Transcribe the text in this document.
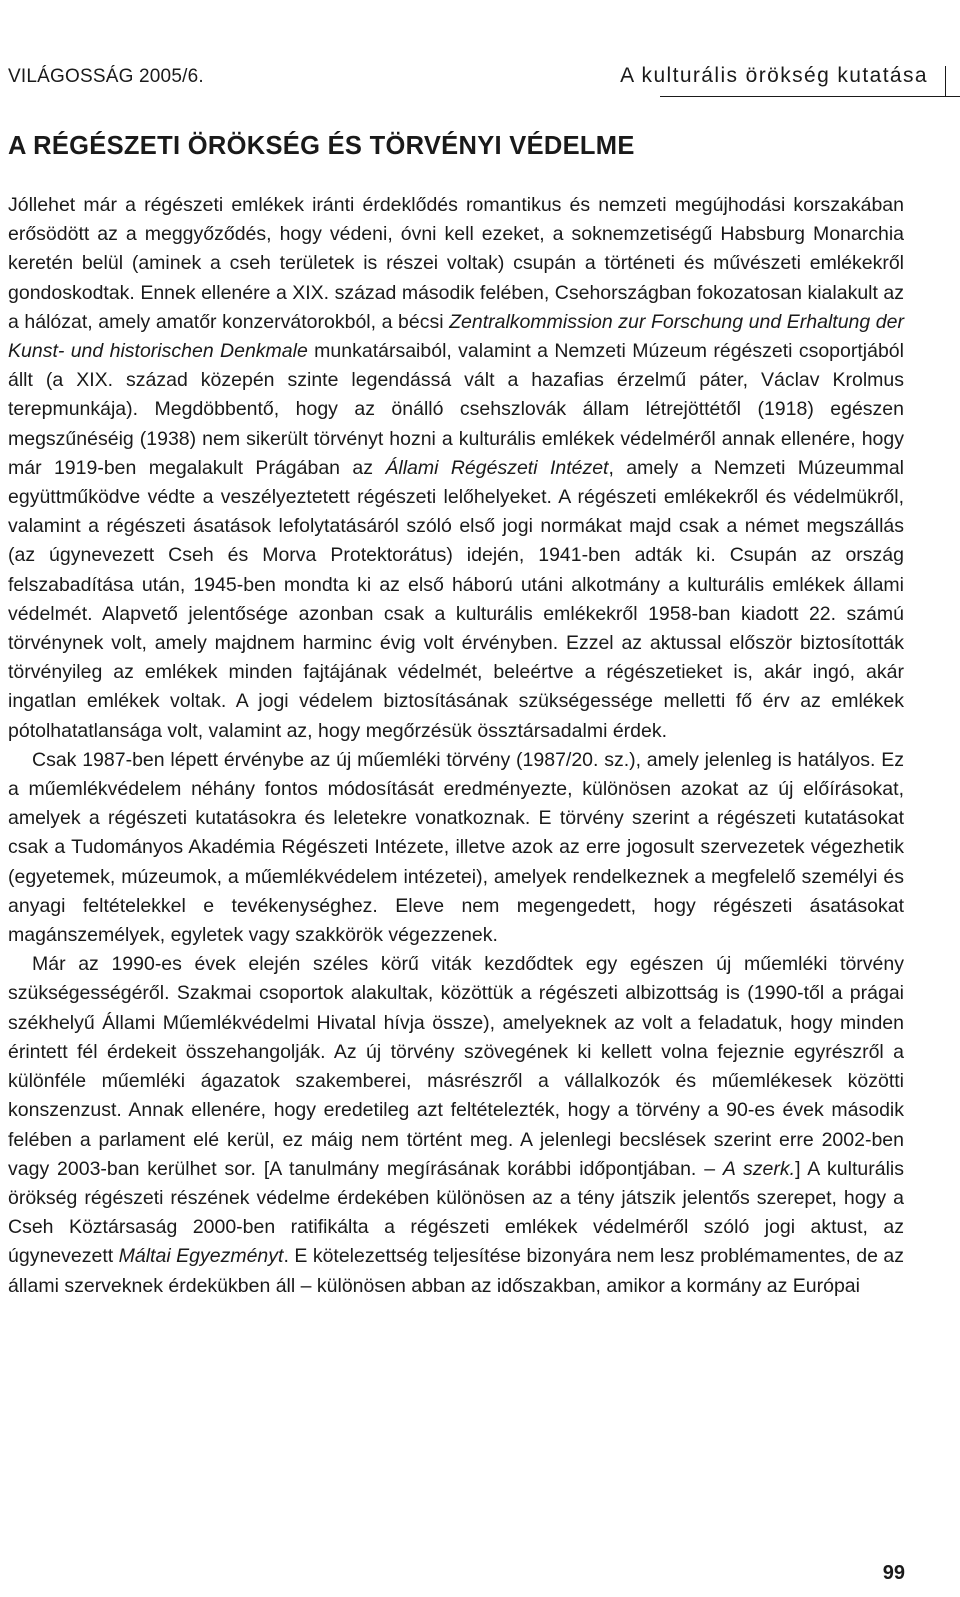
VILÁGOSSÁG 2005/6.	A kulturális örökség kutatása
A RÉGÉSZETI ÖRÖKSÉG ÉS TÖRVÉNYI VÉDELME

Jóllehet már a régészeti emlékek iránti érdeklődés romantikus és nemzeti megújhodási korszakában erősödött az a meggyőződés, hogy védeni, óvni kell ezeket, a soknemzetiségű Habsburg Monarchia keretén belül (aminek a cseh területek is részei voltak) csupán a történeti és művészeti emlékekről gondoskodtak. Ennek ellenére a XIX. század második felében, Csehországban fokozatosan kialakult az a hálózat, amely amatőr konzervátorokból, a bécsi Zentralkommission zur Forschung und Erhaltung der Kunst- und historischen Denkmale munkatársaiból, valamint a Nemzeti Múzeum régészeti csoportjából állt (a XIX. század közepén szinte legendássá vált a hazafias érzelmű páter, Václav Krolmus terepmunkája). Megdöbbentő, hogy az önálló csehszlovák állam létrejöttétől (1918) egészen megszűnéséig (1938) nem sikerült törvényt hozni a kulturális emlékek védelméről annak ellenére, hogy már 1919-ben megalakult Prágában az Állami Régészeti Intézet, amely a Nemzeti Múzeummal együttműködve védte a veszélyeztetett régészeti lelőhelyeket. A régészeti emlékekről és védelmükről, valamint a régészeti ásatások lefolytatásáról szóló első jogi normákat majd csak a német megszállás (az úgynevezett Cseh és Morva Protektorátus) idején, 1941-ben adták ki. Csupán az ország felszabadítása után, 1945-ben mondta ki az első háború utáni alkotmány a kulturális emlékek állami védelmét. Alapvető jelentősége azonban csak a kulturális emlékekről 1958-ban kiadott 22. számú törvénynek volt, amely majdnem harminc évig volt érvényben. Ezzel az aktussal először biztosították törvényileg az emlékek minden fajtájának védelmét, beleértve a régészetieket is, akár ingó, akár ingatlan emlékek voltak. A jogi védelem biztosításának szükségessége melletti fő érv az emlékek pótolhatatlansága volt, valamint az, hogy megőrzésük össztársadalmi érdek.

Csak 1987-ben lépett érvénybe az új műemléki törvény (1987/20. sz.), amely jelenleg is hatályos. Ez a műemlékvédelem néhány fontos módosítását eredményezte, különösen azokat az új előírásokat, amelyek a régészeti kutatásokra és leletekre vonatkoznak. E törvény szerint a régészeti kutatásokat csak a Tudományos Akadémia Régészeti Intézete, illetve azok az erre jogosult szervezetek végezhetik (egyetemek, múzeumok, a műemlékvédelem intézetei), amelyek rendelkeznek a megfelelő személyi és anyagi feltételekkel e tevékenységhez. Eleve nem megengedett, hogy régészeti ásatásokat magánszemélyek, egyletek vagy szakkörök végezzenek.

Már az 1990-es évek elején széles körű viták kezdődtek egy egészen új műemléki törvény szükségességéről. Szakmai csoportok alakultak, közöttük a régészeti albizottság is (1990-től a prágai székhelyű Állami Műemlékvédelmi Hivatal hívja össze), amelyeknek az volt a feladatuk, hogy minden érintett fél érdekeit összehangolják. Az új törvény szövegének ki kellett volna fejeznie egyrészről a különféle műemléki ágazatok szakemberei, másrészről a vállalkozók és műemlékesek közötti konszenzust. Annak ellenére, hogy eredetileg azt feltételezték, hogy a törvény a 90-es évek második felében a parlament elé kerül, ez máig nem történt meg. A jelenlegi becslések szerint erre 2002-ben vagy 2003-ban kerülhet sor. [A tanulmány megírásának korábbi időpontjában. – A szerk.] A kulturális örökség régészeti részének védelme érdekében különösen az a tény játszik jelentős szerepet, hogy a Cseh Köztársaság 2000-ben ratifikálta a régészeti emlékek védelméről szóló jogi aktust, az úgynevezett Máltai Egyezményt. E kötelezettség teljesítése bizonyára nem lesz problémamentes, de az állami szerveknek érdekükben áll – különösen abban az időszakban, amikor a kormány az Európai

99
